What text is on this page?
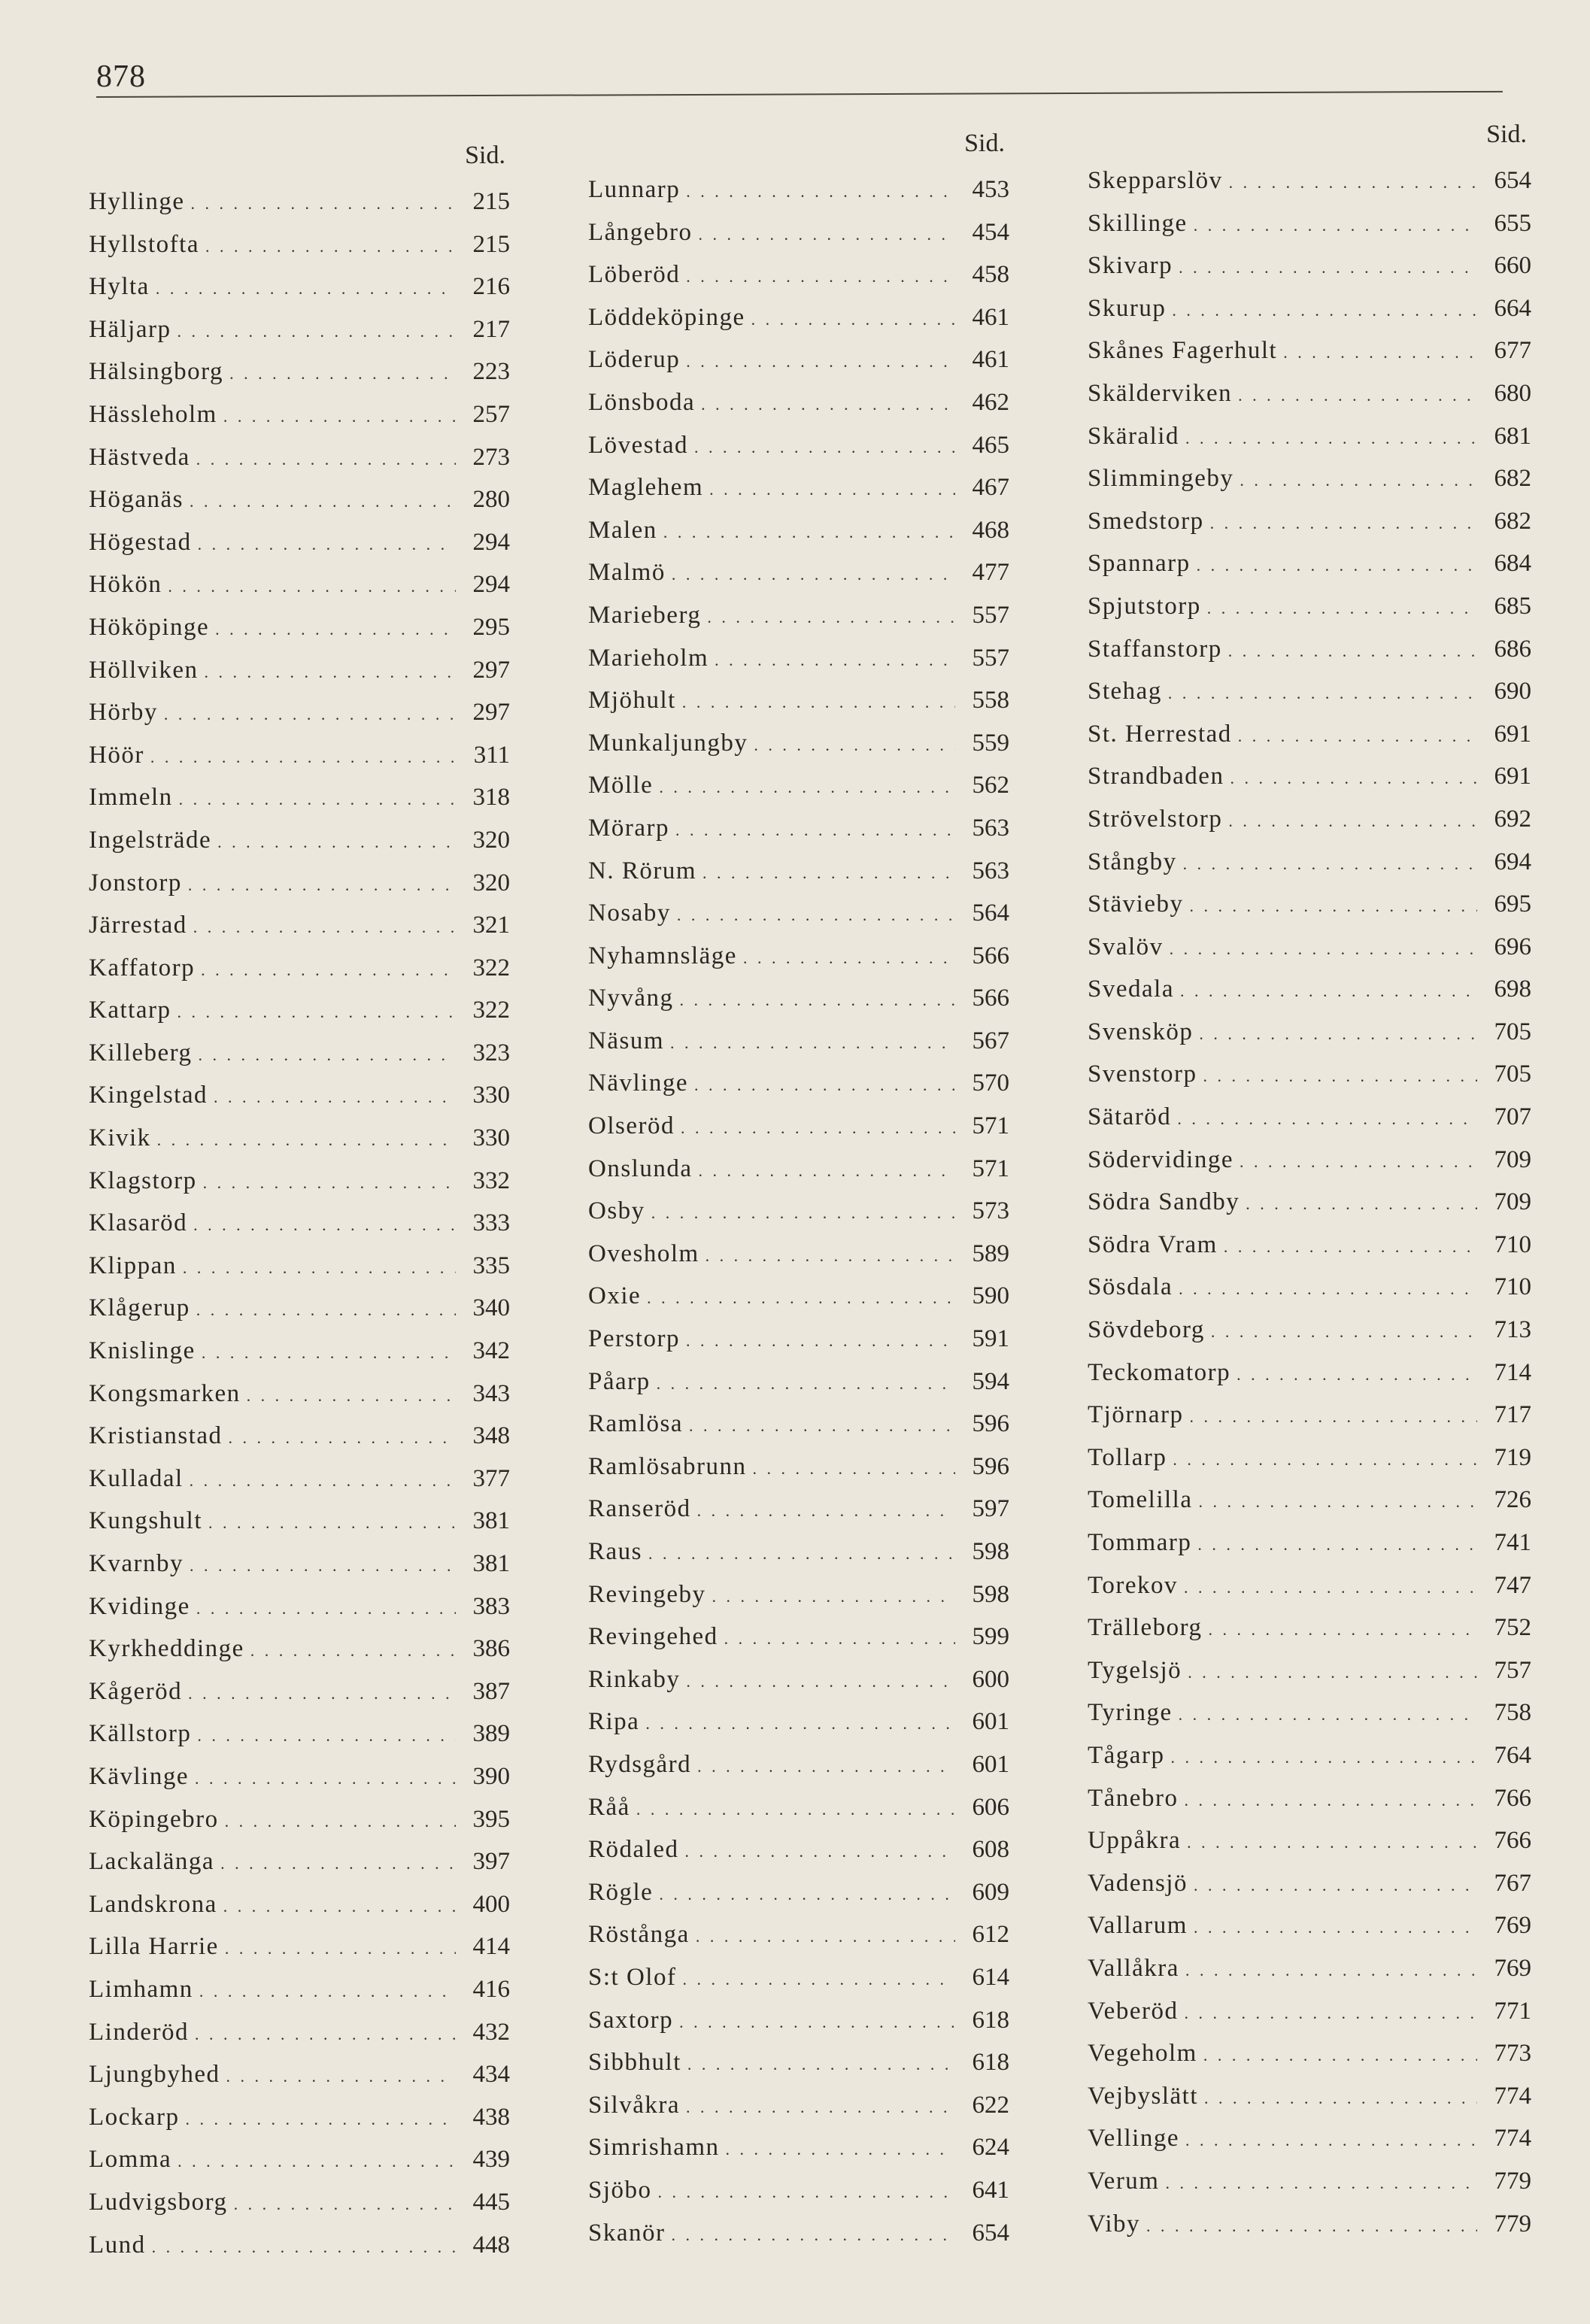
878
Sid.
Hyllinge . . .	215
Hyllstofta . . .	215
Hylta . . .	216
Häljarp . . .	217
Hälsingborg . . .	223
Hässleholm . . .	257
Hästveda . . .	273
Höganäs . . .	280
Högestad . . .	294
Hökön . . .	294
Hököpinge . . .	295
Höllviken . . .	297
Hörby . . .	297
Höör . . .	311
Immeln . . .	318
Ingelsträde . . .	320
Jonstorp . . .	320
Järrestad . . .	321
Kaffatorp . . .	322
Kattarp . . .	322
Killeberg . . .	323
Kingelstad . . .	330
Kivik . . .	330
Klagstorp . . .	332
Klasaröd . . .	333
Klippan . . .	335
Klågerup . . .	340
Knislinge . . .	342
Kongsmarken . . .	343
Kristianstad . . .	348
Kulladal . . .	377
Kungshult . . .	381
Kvarnby . . .	381
Kvidinge . . .	383
Kyrkheddinge . . .	386
Kågeröd . . .	387
Källstorp . . .	389
Kävlinge . . .	390
Köpingebro . . .	395
Lackalänga . . .	397
Landskrona . . .	400
Lilla Harrie . . .	414
Limhamn . . .	416
Linderöd . . .	432
Ljungbyhed . . .	434
Lockarp . . .	438
Lomma . . .	439
Ludvigsborg . . .	445
Lund . . .	448
Sid.
Lunnarp . . .	453
Långebro . . .	454
Löberöd . . .	458
Löddeköpinge . . .	461
Löderup . . .	461
Lönsboda . . .	462
Lövestad . . .	465
Maglehem . . .	467
Malen . . .	468
Malmö . . .	477
Marieberg . . .	557
Marieholm . . .	557
Mjöhult . . .	558
Munkaljungby . . .	559
Mölle . . .	562
Mörarp . . .	563
N. Rörum . . .	563
Nosaby . . .	564
Nyhamnsläge . . .	566
Nyvång . . .	566
Näsum . . .	567
Nävlinge . . .	570
Olseröd . . .	571
Onslunda . . .	571
Osby . . .	573
Ovesholm . . .	589
Oxie . . .	590
Perstorp . . .	591
Påarp . . .	594
Ramlösa . . .	596
Ramlösabrunn . . .	596
Ranseröd . . .	597
Raus . . .	598
Revingeby . . .	598
Revingehed . . .	599
Rinkaby . . .	600
Ripa . . .	601
Rydsgård . . .	601
Råå . . .	606
Rödaled . . .	608
Rögle . . .	609
Röstånga . . .	612
S:t Olof . . .	614
Saxtorp . . .	618
Sibbhult . . .	618
Silvåkra . . .	622
Simrishamn . . .	624
Sjöbo . . .	641
Skanör . . .	654
Sid.
Skepparslöv . . .	654
Skillinge . . .	655
Skivarp . . .	660
Skurup . . .	664
Skånes Fagerhult . . .	677
Skälderviken . . .	680
Skäralid . . .	681
Slimmingeby . . .	682
Smedstorp . . .	682
Spannarp . . .	684
Spjutstorp . . .	685
Staffanstorp . . .	686
Stehag . . .	690
St. Herrestad . . .	691
Strandbaden . . .	691
Strövelstorp . . .	692
Stångby . . .	694
Stävieby . . .	695
Svalöv . . .	696
Svedala . . .	698
Svensköp . . .	705
Svenstorp . . .	705
Sätaröd . . .	707
Södervidinge . . .	709
Södra Sandby . . .	709
Södra Vram . . .	710
Sösdala . . .	710
Sövdeborg . . .	713
Teckomatorp . . .	714
Tjörnarp . . .	717
Tollarp . . .	719
Tomelilla . . .	726
Tommarp . . .	741
Torekov . . .	747
Trälleborg . . .	752
Tygelsjö . . .	757
Tyringe . . .	758
Tågarp . . .	764
Tånebro . . .	766
Uppåkra . . .	766
Vadensjö . . .	767
Vallarum . . .	769
Vallåkra . . .	769
Veberöd . . .	771
Vegeholm . . .	773
Vejbyslätt . . .	774
Vellinge . . .	774
Verum . . .	779
Viby . . .	779
